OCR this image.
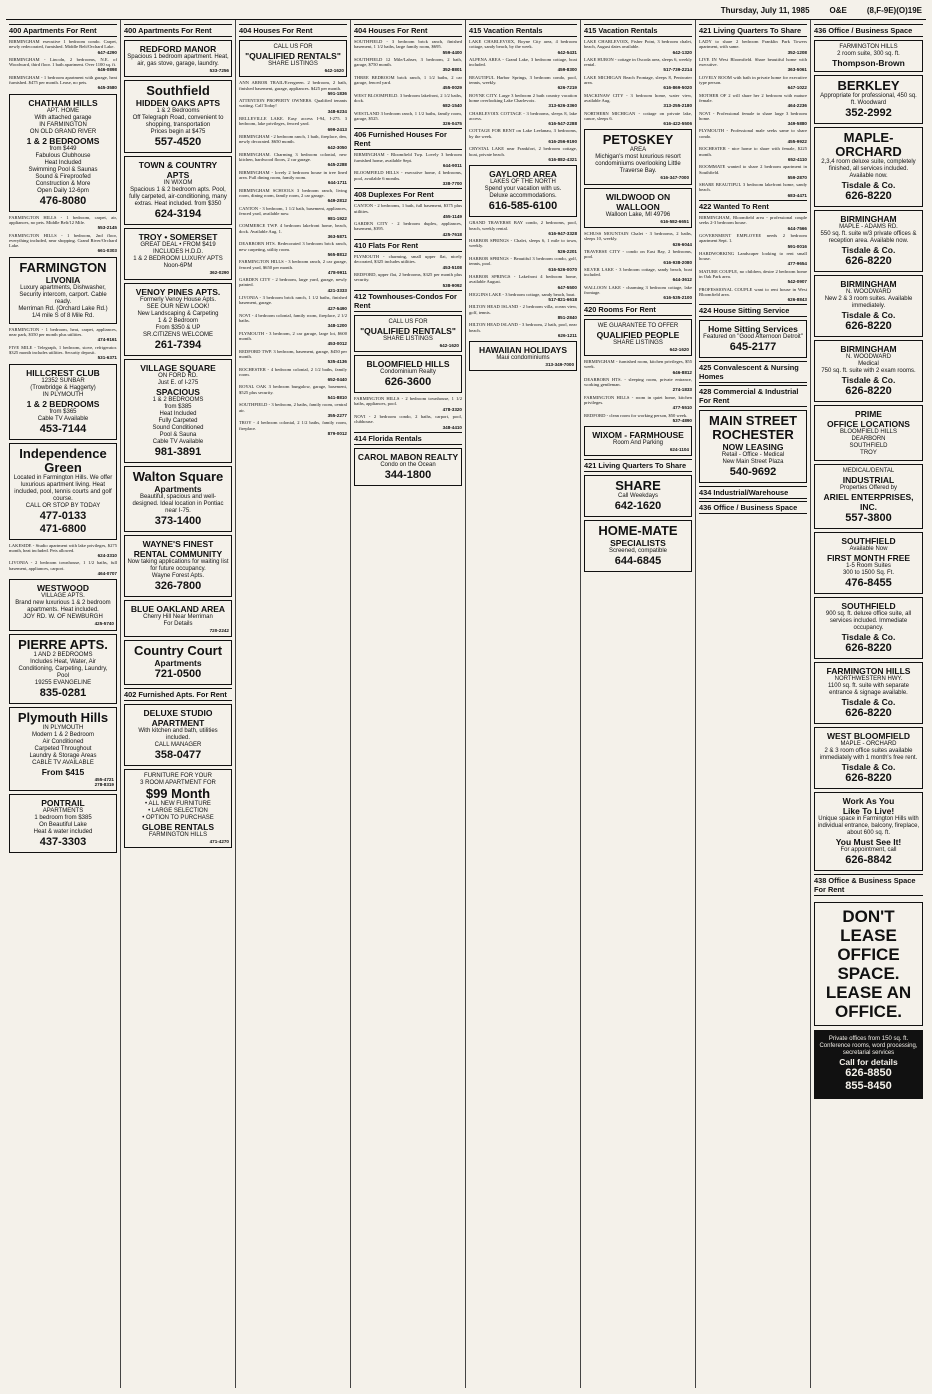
Thursday, July 11, 1985	O&E	(8,F-9E)(O)19E
400 Apartments For Rent
BIRMINGHAM executive 1 bedroom condo. Carpet, newly redecorated, furnished. Middle Belt/Orchard Lake.
647-4290
BIRMINGHAM - Lincoln, 2 bedrooms, N.E. of Woodward, third floor. 1 bath apartment. Over 1100 sq. ft.
646-0898
BIRMINGHAM - 1 bedroom apartment with garage, heat furnished. $475 per month. Lease, no pets.
645-3580
CHATHAM HILLS
APT. HOME
With attached garage
IN FARMINGTON
ON OLD GRAND RIVER
1 & 2 BEDROOMS
from $449
Fabulous Clubhouse
Heat Included
Swimming Pool & Saunas
Sound & Fireproofed
Construction & More
Open Daily 12-6pm
476-8080
FARMINGTON HILLS - 1 bedroom, carpet, air, appliances, no pets. Middle Belt/12 Mile.
553-2145
FARMINGTON HILLS - 1 bedroom, 2nd floor, everything included, near shopping. Grand River/Orchard Lake.
661-0303
FARMINGTON
LIVONIA
Luxury apartments, Dishwasher, Security intercom, carport. Cable ready.
Merriman Rd. (Orchard Lake Rd.)
1/4 mile S of 8 Mile Rd.
FARMINGTON - 1 bedroom, heat, carpet, appliances, near park, $350 per month plus utilities.
474-9161
FIVE MILE - Telegraph, 1 bedroom, stove, refrigerator. $325 month includes utilities. Security deposit.
531-6371
HILLCREST CLUB
12352 SUNBAR
(Trowbridge & Haggerty)
IN PLYMOUTH
1 & 2 BEDROOMS
from $365
Cable TV Available
453-7144
Independence
Green
Located in Farmington Hills. We offer luxurious apartment living. Heat included, pool, tennis courts and golf course.
CALL OR STOP BY TODAY
477-0133
471-6800
LAKESIDE - Studio apartment with lake privileges, $275 month, heat included. Pets allowed.
624-3310
LIVONIA - 2 bedroom townhouse, 1 1/2 baths, full basement, appliances, carport.
464-0707
WESTWOOD
VILLAGE APTS.
Brand new luxurious 1 & 2 bedroom apartments. Heat included.
JOY RD. W. OF NEWBURGH
425-5740
PIERRE APTS.
1 AND 2 BEDROOMS
Includes Heat, Water, Air Conditioning, Carpeting, Laundry, Pool
19255 EVANGELINE
835-0281
Plymouth Hills
IN PLYMOUTH
Modern 1 & 2 Bedroom
Air Conditioned
Carpeted Throughout
Laundry & Storage Areas
CABLE TV AVAILABLE
From $415
455-4721
278-8319
PONTRAIL
APARTMENTS
1 bedroom from $385
On Beautiful Lake
Heat & water included
437-3303
400 Apartments For Rent
REDFORD MANOR
Spacious 1 bedroom apartment. Heat, air, gas stove, garage, laundry.
533-7256
Southfield
HIDDEN OAKS APTS
1 & 2 Bedrooms
Off Telegraph Road, convenient to shopping, transportation
Prices begin at $475
557-4520
TOWN & COUNTRY APTS
IN WIXOM
Spacious 1 & 2 bedroom apts. Pool, fully carpeted, air-conditioning, many extras. Heat included. from $350
624-3194
TROY • SOMERSET
GREAT DEAL • FROM $419
INCLUDES H.D.D.
1 & 2 BEDROOM LUXURY APTS
Noon-6PM
362-0290
VENOY PINES APTS.
Formerly Venoy House Apts.
SEE OUR NEW LOOK!
New Landscaping & Carpeting
1 & 2 Bedroom
From $350 & UP
SR.CITIZENS WELCOME
261-7394
VILLAGE SQUARE
ON FORD RD.
Just E. of I-275
SPACIOUS
1 & 2 BEDROOMS
from $385
Heat Included
Fully Carpeted
Sound Conditioned
Pool & Sauna
Cable TV Available
981-3891
Walton Square
Apartments
Beautiful, spacious and well-designed. Ideal location in Pontiac near I-75.
373-1400
WAYNE'S FINEST
RENTAL COMMUNITY
Now taking applications for waiting list for future occupancy.
Wayne Forest Apts.
326-7800
BLUE OAKLAND AREA
Cherry Hill Near Merriman
For Details
720-2242
Country Court
Apartments
721-0500
402 Furnished Apts. For Rent
DELUXE STUDIO
APARTMENT
With kitchen and bath, utilities included.
CALL MANAGER
358-0477
FURNITURE FOR YOUR
3 ROOM APARTMENT FOR
$99 Month
• ALL NEW FURNITURE
• LARGE SELECTION
• OPTION TO PURCHASE
GLOBE RENTALS
FARMINGTON HILLS
471-4270
404 Houses For Rent
CALL US FOR
"QUALIFIED RENTALS"
SHARE LISTINGS
642-1620
ANN ARBOR TRAIL/Evergreen. 2 bedroom, 2 bath, finished basement, garage, appliances. $425 per month.
591-1836
ATTENTION PROPERTY OWNERS. Qualified tenants waiting. Call Today!
348-6234
BELLEVILLE LAKE. Easy access I-94, I-275. 3 bedroom, lake privileges, fenced yard.
699-2413
BIRMINGHAM - 2 bedroom ranch, 1 bath, fireplace, den, newly decorated. $650 month.
642-3050
BIRMINGHAM. Charming 3 bedroom colonial, new kitchen, hardwood floors, 2 car garage.
645-2288
BIRMINGHAM - lovely 2 bedroom house in tree lined area. Full dining room, family room.
644-1711
BIRMINGHAM SCHOOLS 3 bedroom ranch, living room, dining room, family room, 2 car garage.
649-2812
CANTON - 3 bedroom, 1 1/2 bath, basement, appliances, fenced yard, available now.
981-1922
COMMERCE TWP. 4 bedroom lakefront home, beach, dock. Available Aug. 1.
363-5871
DEARBORN HTS. Redecorated 3 bedroom brick ranch, new carpeting, utility room.
565-8812
FARMINGTON HILLS - 3 bedroom ranch, 2 car garage, fenced yard, $650 per month.
478-9911
GARDEN CITY - 2 bedroom, large yard, garage, newly painted.
421-3333
LIVONIA - 3 bedroom brick ranch, 1 1/2 baths, finished basement, garage.
427-5490
NOVI - 4 bedroom colonial, family room, fireplace, 2 1/2 baths.
348-1200
PLYMOUTH - 3 bedroom, 2 car garage, large lot, $600 month.
453-0012
REDFORD TWP. 3 bedroom, basement, garage, $450 per month.
535-4136
ROCHESTER - 4 bedroom colonial, 2 1/2 baths, family room.
652-0440
ROYAL OAK 3 bedroom bungalow, garage, basement, $525 plus security.
541-8810
SOUTHFIELD - 3 bedroom, 2 baths, family room, central air.
355-2277
TROY - 4 bedroom colonial, 2 1/2 baths, family room, fireplace.
879-0012
404 Houses For Rent
SOUTHFIELD - 3 bedroom brick ranch, finished basement, 1 1/2 baths, large family room, $695.
559-4400
SOUTHFIELD 12 Mile/Lahser, 3 bedroom, 2 bath, garage, $750 month.
352-8801
THREE BEDROOM brick ranch, 1 1/2 baths, 2 car garage, fenced yard.
455-0029
WEST BLOOMFIELD. 3 bedroom lakefront, 2 1/2 baths, dock.
682-1540
WESTLAND 3 bedroom ranch, 1 1/2 baths, family room, garage, $525.
326-0475
406 Furnished Houses For Rent
BIRMINGHAM - Bloomfield Twp. Lovely 3 bedroom furnished home, available Sept.
644-9011
BLOOMFIELD HILLS - executive home, 4 bedrooms, pool, available 6 months.
338-7700
408 Duplexes For Rent
CANTON - 2 bedrooms, 1 bath, full basement, $375 plus utilities.
455-1149
GARDEN CITY - 2 bedroom duplex, appliances, basement, $395.
425-7618
410 Flats For Rent
PLYMOUTH - charming, small upper flat, nicely decorated, $325 includes utilities.
453-5108
REDFORD, upper flat, 2 bedrooms, $325 per month plus security.
538-9092
412 Townhouses-Condos For Rent
CALL US FOR
"QUALIFIED RENTALS"
SHARE LISTINGS
642-1620
BLOOMFIELD HILLS
Condominium Realty
626-3600
FARMINGTON HILLS - 2 bedroom townhouse, 1 1/2 baths, appliances, pool.
478-3320
NOVI - 2 bedroom condo, 2 baths, carport, pool, clubhouse.
348-4410
414 Florida Rentals
CAROL MABON REALTY
Condo on the Ocean
344-1800
415 Vacation Rentals
LAKE CHARLEVOIX, Boyne City area, 4 bedroom cottage, sandy beach, by the week.
642-5431
ALPENA AREA - Grand Lake, 3 bedroom cottage, boat included.
459-8300
BEAUTIFUL Harbor Springs, 3 bedroom condo, pool, tennis, weekly.
626-7219
BOYNE CITY. Large 3 bedroom 2 bath country vacation home overlooking Lake Charlevoix.
313-626-3360
CHARLEVOIX COTTAGE - 3 bedrooms, sleeps 8, lake access.
616-547-2288
COTTAGE FOR RENT on Lake Leelanau, 3 bedrooms, by the week.
616-256-9190
CRYSTAL LAKE near Frankfort, 2 bedroom cottage, boat, private beach.
616-882-4321
GAYLORD AREA
LAKES OF THE NORTH
Spend your vacation with us.
Deluxe accommodations.
616-585-6100
GRAND TRAVERSE BAY condo, 2 bedrooms, pool, beach, weekly rental.
616-947-3328
HARBOR SPRINGS - Chalet, sleeps 6, 1 mile to town, weekly.
526-2201
HARBOR SPRINGS - Beautiful 3 bedroom condo, golf, tennis, pool.
616-526-0070
HARBOR SPRINGS - Lakefront 4 bedroom home, available August.
647-5500
HIGGINS LAKE - 3 bedroom cottage, sandy beach, boat.
517-821-6618
HILTON HEAD ISLAND - 2 bedroom villa, ocean view, golf, tennis.
851-2840
HILTON HEAD ISLAND - 3 bedroom, 2 bath, pool, near beach.
626-1211
HAWAIIAN HOLIDAYS
Maui condominiums
313-349-7000
415 Vacation Rentals
LAKE CHARLEVOIX, Fisher Point, 3 bedroom chalet, beach, August dates available.
642-1320
LAKE HURON - cottage in Oscoda area, sleeps 6, weekly rental.
517-739-2214
LAKE MICHIGAN Beach Frontage, sleeps 8, Pentwater area.
616-869-5020
MACKINAW CITY - 3 bedroom home, water view, available Aug.
313-255-2180
NORTHERN MICHIGAN - cottage on private lake, canoe, sleeps 6.
616-422-5506
PETOSKEY
AREA
Michigan's most luxurious resort condominiums overlooking Little Traverse Bay.
616-347-7000
WILDWOOD ON WALLOON
Walloon Lake, MI 49796
616-582-6651
SCHUSS MOUNTAIN Chalet - 3 bedrooms, 2 baths, sleeps 10, weekly.
626-6044
TRAVERSE CITY - condo on East Bay, 2 bedrooms, pool.
616-938-2080
SILVER LAKE - 3 bedroom cottage, sandy beach, boat included.
644-3612
WALLOON LAKE - charming 3 bedroom cottage, lake frontage.
616-535-2100
420 Rooms For Rent
WE GUARANTEE TO OFFER
QUALIFIED PEOPLE
SHARE LISTINGS
642-1620
BIRMINGHAM - furnished room, kitchen privileges, $55 week.
646-8812
DEARBORN HTS. - sleeping room, private entrance, working gentleman.
274-1833
FARMINGTON HILLS - room in quiet home, kitchen privileges.
477-5510
REDFORD - clean room for working person, $50 week.
537-4890
WIXOM - FARMHOUSE
Room And Parking
624-1104
421 Living Quarters To Share
SHARE
Call Weekdays
642-1620
HOME-MATE
SPECIALISTS
Screened, compatible
644-6845
421 Living Quarters To Share
LADY to share 2 bedroom Franklin Park Towers apartment, with same.
352-1208
LIVE IN West Bloomfield. Share beautiful home with executive.
363-5061
LOVELY ROOM with bath in private home for executive type person.
647-1022
MOTHER OF 2 will share her 2 bedroom with mature female.
464-2236
NOVI - Professional female to share large 3 bedroom home.
349-5880
PLYMOUTH - Professional male seeks same to share condo.
455-9922
ROCHESTER - nice home to share with female, $225 month.
652-4110
ROOMMATE wanted to share 2 bedroom apartment in Southfield.
559-2870
SHARE BEAUTIFUL 3 bedroom lakefront home, sandy beach.
683-4471
422 Wanted To Rent
BIRMINGHAM, Bloomfield area - professional couple seeks 2-3 bedroom house.
644-7566
GOVERNMENT EMPLOYEE needs 2 bedroom apartment Sept. 1.
591-0016
HARDWORKING Landscaper looking to rent small house.
477-9654
MATURE COUPLE, no children, desire 2 bedroom home in Oak Park area.
542-0907
PROFESSIONAL COUPLE want to rent house in West Bloomfield area.
626-8843
424 House Sitting Service
Home Sitting Services
Featured on "Good Afternoon Detroit"
645-2177
425 Convalescent & Nursing Homes
428 Commercial & Industrial For Rent
MAIN STREET
ROCHESTER
NOW LEASING
Retail - Office - Medical
New Main Street Plaza
540-9692
434 Industrial/Warehouse
436 Office / Business Space
436 Office / Business Space
FARMINGTON HILLS
2 room suite, 300 sq. ft.
Thompson-Brown
BERKLEY
Appropriate for professional, 450 sq. ft. Woodward
352-2992
MAPLE-ORCHARD
2,3,4 room deluxe suite, completely finished, all services included. Available now.
Tisdale & Co.
626-8220
BIRMINGHAM
MAPLE - ADAMS RD.
550 sq. ft. suite w/3 private offices & reception area. Available now.
Tisdale & Co.
626-8220
BIRMINGHAM
N. WOODWARD
New 2 & 3 room suites. Available immediately.
Tisdale & Co.
626-8220
BIRMINGHAM
N. WOODWARD
Medical
750 sq. ft. suite with 2 exam rooms.
Tisdale & Co.
626-8220
PRIME
OFFICE LOCATIONS
BLOOMFIELD HILLS
DEARBORN
SOUTHFIELD
TROY
MEDICAL/DENTAL
INDUSTRIAL
Properties Offered by
ARIEL ENTERPRISES, INC.
557-3800
SOUTHFIELD
Available Now
FIRST MONTH FREE
1-5 Room Suites
300 to 1500 Sq. Ft.
476-8455
SOUTHFIELD
900 sq. ft. deluxe office suite, all services included. Immediate occupancy.
Tisdale & Co.
626-8220
FARMINGTON HILLS
NORTHWESTERN HWY.
1100 sq. ft. suite with separate entrance & signage available.
Tisdale & Co.
626-8220
WEST BLOOMFIELD
MAPLE - ORCHARD
2 & 3 room office suites available immediately with 1 month's free rent.
Tisdale & Co.
626-8220
Work As You
Like To Live!
Unique space in Farmington Hills with individual entrance, balcony, fireplace, about 600 sq. ft.
You Must See It!
For appointment, call
626-8842
438 Office & Business Space For Rent
DON'T LEASE OFFICE SPACE.
LEASE AN OFFICE.
Private offices from 150 sq. ft.
Conference rooms, word processing, secretarial services
Call for details
626-8850
855-8450
